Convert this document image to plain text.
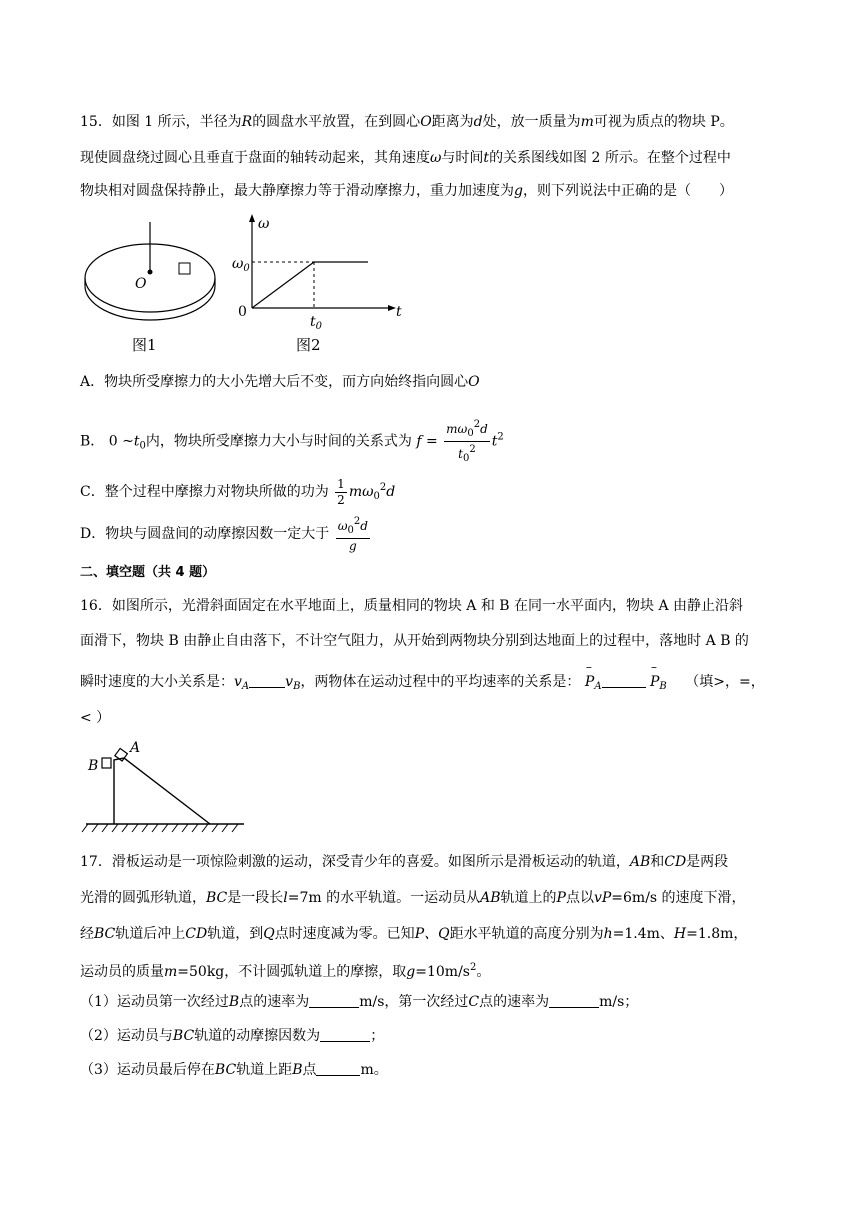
15．如图 1 所示，半径为R的圆盘水平放置，在到圆心O距离为d处，放一质量为m可视为质点的物块 P。
现使圆盘绕过圆心且垂直于盘面的轴转动起来，其角速度ω与时间t的关系图线如图 2 所示。在整个过程中
物块相对圆盘保持静止，最大静摩擦力等于滑动摩擦力，重力加速度为g，则下列说法中正确的是（　　）
O
图1
ω
$\omega_0$
0
$t_0$
t
图2
A．物块所受摩擦力的大小先增大后不变，而方向始终指向圆心O
B． 0 $\sim t_0$内，物块所受摩擦力大小与时间的关系式为 $f = \frac{m\omega_0^2d}{t_0^2} t^2$
C．整个过程中摩擦力对物块所做的功为 $\frac{1}{2} m\omega_0^2d$
D．物块与圆盘间的动摩擦因数一定大于 $\frac{\omega_0^2d}{g}$
二、填空题（共 4 题）
16．如图所示，光滑斜面固定在水平地面上，质量相同的物块 A 和 B 在同一水平面内，物块 A 由静止沿斜
面滑下，物块 B 由静止自由落下，不计空气阻力，从开始到两物块分别到达地面上的过程中，落地时 A B 的
瞬时速度的大小关系是：$v_A$	$v_B$，两物体在运动过程中的平均速率的关系是：
–
$P_A$
–
$P_B$ （填>，=，
< ）
B
A
17．滑板运动是一项惊险刺激的运动，深受青少年的喜爱。如图所示是滑板运动的轨道，AB和CD是两段
光滑的圆弧形轨道，BC是一段长l=7m 的水平轨道。一运动员从AB轨道上的P点以vP=6m/s 的速度下滑，
经BC轨道后冲上CD轨道，到Q点时速度减为零。已知P、Q距水平轨道的高度分别为h=1.4m、H=1.8m，
运动员的质量m=50kg，不计圆弧轨道上的摩擦，取$g=10m/s^2$。
（1）运动员第一次经过B点的速率为	m/s，第一次经过C点的速率为	m/s；
（2）运动员与BC轨道的动摩擦因数为	；
（3）运动员最后停在BC轨道上距B点	m。
